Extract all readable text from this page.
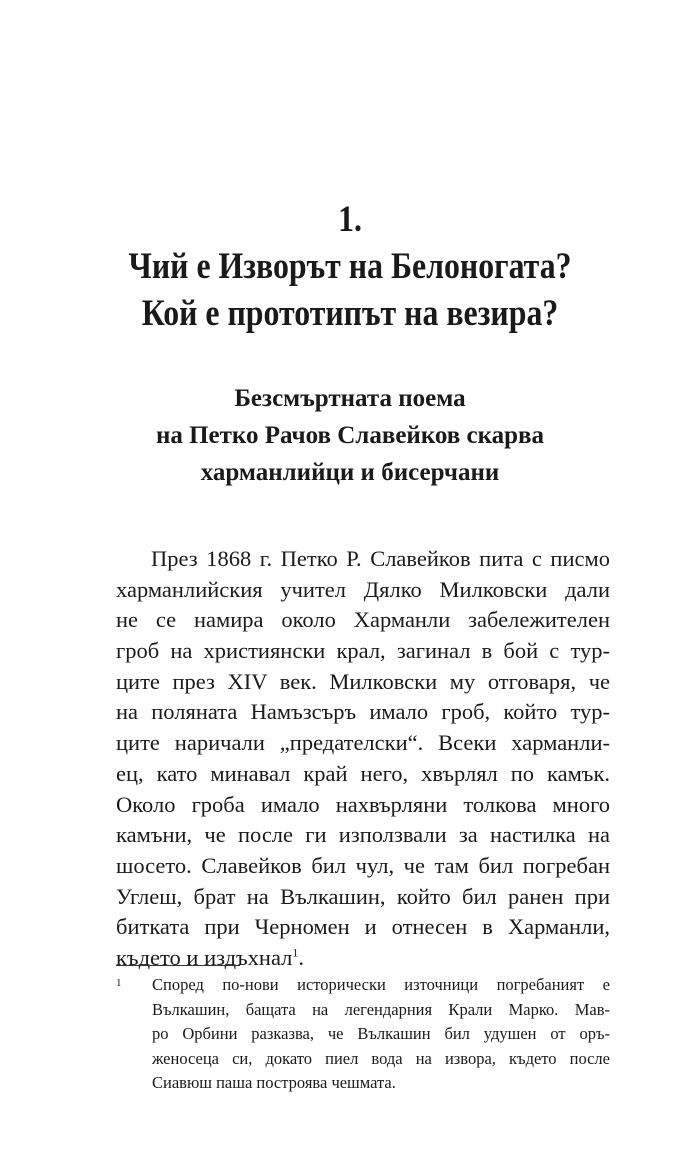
1.
Чий е Изворът на Белоногата?
Кой е прототипът на везира?
Безсмъртната поема
на Петко Рачов Славейков скарва
харманлийци и бисерчани
През 1868 г. Петко Р. Славейков пита с писмо
харманлийския учител Дялко Милковски дали
не се намира около Харманли забележителен
гроб на християнски крал, загинал в бой с тур-
ците през XIV век. Милковски му отговаря, че
на поляната Намъзсъръ имало гроб, който тур-
ците наричали „предателски“. Всеки харманли-
ец, като минавал край него, хвърлял по камък.
Около гроба имало нахвърляни толкова много
камъни, че после ги използвали за настилка на
шосето. Славейков бил чул, че там бил погребан
Углеш, брат на Вълкашин, който бил ранен при
битката при Черномен и отнесен в Харманли,
където и издъхнал$^1$.
1 Според по-нови исторически източници погребаният е
Вълкашин, бащата на легендарния Крали Марко. Мав-
ро Орбини разказва, че Вълкашин бил удушен от оръ-
женосеца си, докато пиел вода на извора, където после
Сиавюш паша построява чешмата.
